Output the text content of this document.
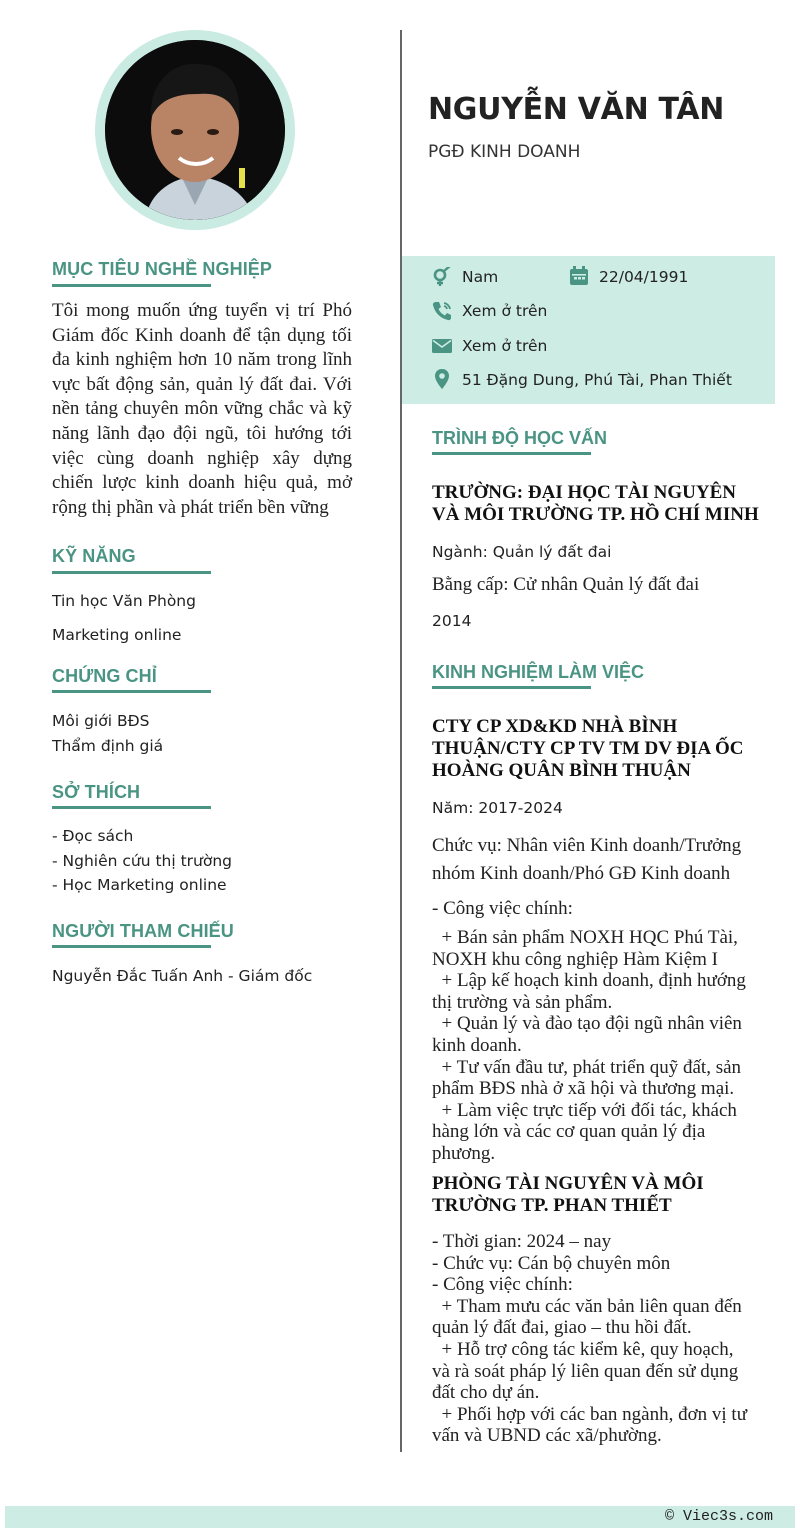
MỤC TIÊU NGHỀ NGHIỆP
Tôi mong muốn ứng tuyển vị trí Phó Giám đốc Kinh doanh để tận dụng tối đa kinh nghiệm hơn 10 năm trong lĩnh vực bất động sản, quản lý đất đai. Với nền tảng chuyên môn vững chắc và kỹ năng lãnh đạo đội ngũ, tôi hướng tới việc cùng doanh nghiệp xây dựng chiến lược kinh doanh hiệu quả, mở rộng thị phần và phát triển bền vững
KỸ NĂNG
Tin học Văn Phòng
Marketing online
CHỨNG CHỈ
Môi giới BĐS
Thẩm định giá
SỞ THÍCH
- Đọc sách
- Nghiên cứu thị trường
- Học Marketing online
NGƯỜI THAM CHIẾU
Nguyễn Đắc Tuấn Anh - Giám đốc
NGUYỄN VĂN TÂN
PGĐ KINH DOANH
Nam	22/04/1991
Xem ở trên
Xem ở trên
51 Đặng Dung, Phú Tài, Phan Thiết
TRÌNH ĐỘ HỌC VẤN
TRƯỜNG: ĐẠI HỌC TÀI NGUYÊN VÀ MÔI TRƯỜNG TP. HỒ CHÍ MINH
Ngành: Quản lý đất đai
Bằng cấp: Cử nhân Quản lý đất đai
2014
KINH NGHIỆM LÀM VIỆC
CTY CP XD&KD NHÀ BÌNH THUẬN/CTY CP TV TM DV ĐỊA ỐC HOÀNG QUÂN BÌNH THUẬN
Năm: 2017-2024
Chức vụ: Nhân viên Kinh doanh/Trưởng nhóm Kinh doanh/Phó GĐ Kinh doanh
- Công việc chính:
+ Bán sản phẩm NOXH HQC Phú Tài, NOXH khu công nghiệp Hàm Kiệm I
+ Lập kế hoạch kinh doanh, định hướng thị trường và sản phẩm.
+ Quản lý và đào tạo đội ngũ nhân viên kinh doanh.
+ Tư vấn đầu tư, phát triển quỹ đất, sản phẩm BĐS nhà ở xã hội và thương mại.
+ Làm việc trực tiếp với đối tác, khách hàng lớn và các cơ quan quản lý địa phương.
PHÒNG TÀI NGUYÊN VÀ MÔI TRƯỜNG TP. PHAN THIẾT
- Thời gian: 2024 – nay
- Chức vụ: Cán bộ chuyên môn
- Công việc chính:
+ Tham mưu các văn bản liên quan đến quản lý đất đai, giao – thu hồi đất.
+ Hỗ trợ công tác kiểm kê, quy hoạch, và rà soát pháp lý liên quan đến sử dụng đất cho dự án.
+ Phối hợp với các ban ngành, đơn vị tư vấn và UBND các xã/phường.
© Viec3s.com
